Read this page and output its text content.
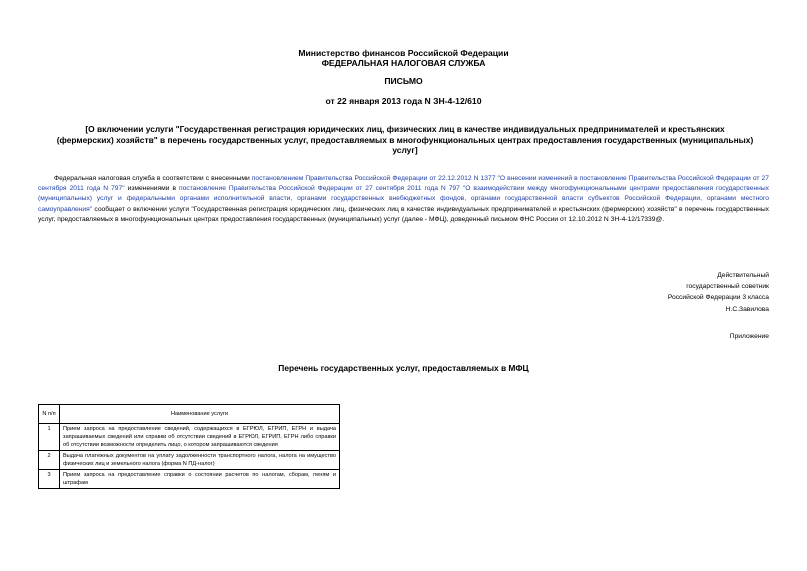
Министерство финансов Российской Федерации
ФЕДЕРАЛЬНАЯ НАЛОГОВАЯ СЛУЖБА
ПИСЬМО
от 22 января 2013 года N ЗН-4-12/610
[О включении услуги "Государственная регистрация юридических лиц, физических лиц в качестве индивидуальных предпринимателей и крестьянских (фермерских) хозяйств" в перечень государственных услуг, предоставляемых в многофункциональных центрах предоставления государственных (муниципальных) услуг]
Федеральная налоговая служба в соответствии с внесенными постановлением Правительства Российской Федерации от 22.12.2012 N 1377 "О внесении изменений в постановление Правительства Российской Федерации от 27 сентября 2011 года N 797" изменениями в постановление Правительства Российской Федерации от 27 сентября 2011 года N 797 "О взаимодействии между многофункциональными центрами предоставления государственных (муниципальных) услуг и федеральными органами исполнительной власти, органами государственных внебюджетных фондов, органами государственной власти субъектов Российской Федерации, органами местного самоуправления" сообщает о включении услуги "Государственная регистрация юридических лиц, физических лиц в качестве индивидуальных предпринимателей и крестьянских (фермерских) хозяйств" в перечень государственных услуг, предоставляемых в многофункциональных центрах предоставления государственных (муниципальных) услуг (далее - МФЦ), доведенный письмом ФНС России от 12.10.2012 N ЗН-4-12/17339@.
Действительный
государственный советник
Российской Федерации 3 класса
Н.С.Завилова
Приложение
Перечень государственных услуг, предоставляемых в МФЦ
N п/п	Наименование услуги
1	Прием запроса на предоставление сведений, содержащихся в ЕГРЮЛ, ЕГРИП, ЕГРН и выдача запрашиваемых сведений или справки об отсутствии сведений в ЕГРЮЛ, ЕГРИП, ЕГРН либо справки об отсутствии возможности определить лицо, о котором запрашиваются сведения
2	Выдача платежных документов на уплату задолженности транспортного налога, налога на имущество физических лиц и земельного налога (форма N ПД-налог)
3	Прием запроса на предоставление справки о состоянии расчетов по налогам, сборам, пеням и штрафам
